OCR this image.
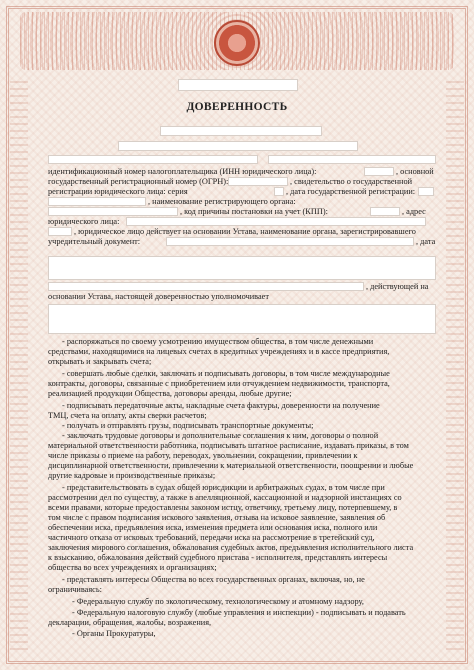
ДОВЕРЕННОСТЬ
идентификационный номер налогоплательщика (ИНН юридического лица):	, основной
государственный регистрационный номер (ОГРН):	, свидетельство о государственной
регистрации юридического лица: серия	, дата государственной регистрации:
, наименование регистрирующего органа:
, код причины постановки на учет (КПП):	, адрес
юридического лица:
, юридическое лицо действует на основании Устава, наименование органа, зарегистрировавшего
учредительный документ:	, дата
, действующей на
основании Устава, настоящей доверенностью уполномочивает
- распоряжаться по своему усмотрению имуществом общества, в том числе денежными
средствами, находящимися на лицевых счетах в кредитных учреждениях и в кассе предприятия,
открывать и закрывать счета;
- совершать любые сделки, заключать и подписывать договоры, в том числе международные
контракты, договоры, связанные с приобретением или отчуждением недвижимости, транспорта,
реализацией продукции Общества, договоры аренды, любые другие;
- подписывать передаточные акты, накладные счета фактуры, доверенности на получение
ТМЦ, счета на оплату, акты сверки расчетов;
- получать и отправлять грузы, подписывать транспортные документы;
- заключать трудовые договоры и дополнительные соглашения к ним, договоры о полной
материальной ответственности работника, подписывать штатное расписание, издавать приказы, в том
числе приказы о приеме на работу, переводах, увольнении, сокращении, привлечении к
дисциплинарной ответственности, привлечении к материальной ответственности, поощрении и любые
другие кадровые и производственные приказы;
- представительствовать в судах общей юрисдикции и арбитражных судах, в том числе при
рассмотрении дел по существу, а также в апелляционной, кассационной и надзорной инстанциях со
всеми правами, которые предоставлены законом истцу, ответчику, третьему лицу, потерпевшему, в
том числе с правом подписания искового заявления, отзыва на исковое заявление, заявления об
обеспечении иска, предъявления иска, изменения предмета или основания иска, полного или
частичного отказа от исковых требований, передачи иска на рассмотрение в третейский суд,
заключения мирового соглашения, обжалования судебных актов, предъявления исполнительного листа
к взысканию, обжалования действий судебного пристава - исполнителя, представлять интересы
общества во всех учреждениях и организациях;
- представлять интересы Общества во всех государственных органах, включая, но, не
ограничиваясь:
- Федеральную службу по экологическому, технологическому и атомному надзору,
- Федеральную налоговую службу (любые управления и инспекции) - подписывать и подавать
декларации, обращения, жалобы, возражения,
- Органы Прокуратуры,
